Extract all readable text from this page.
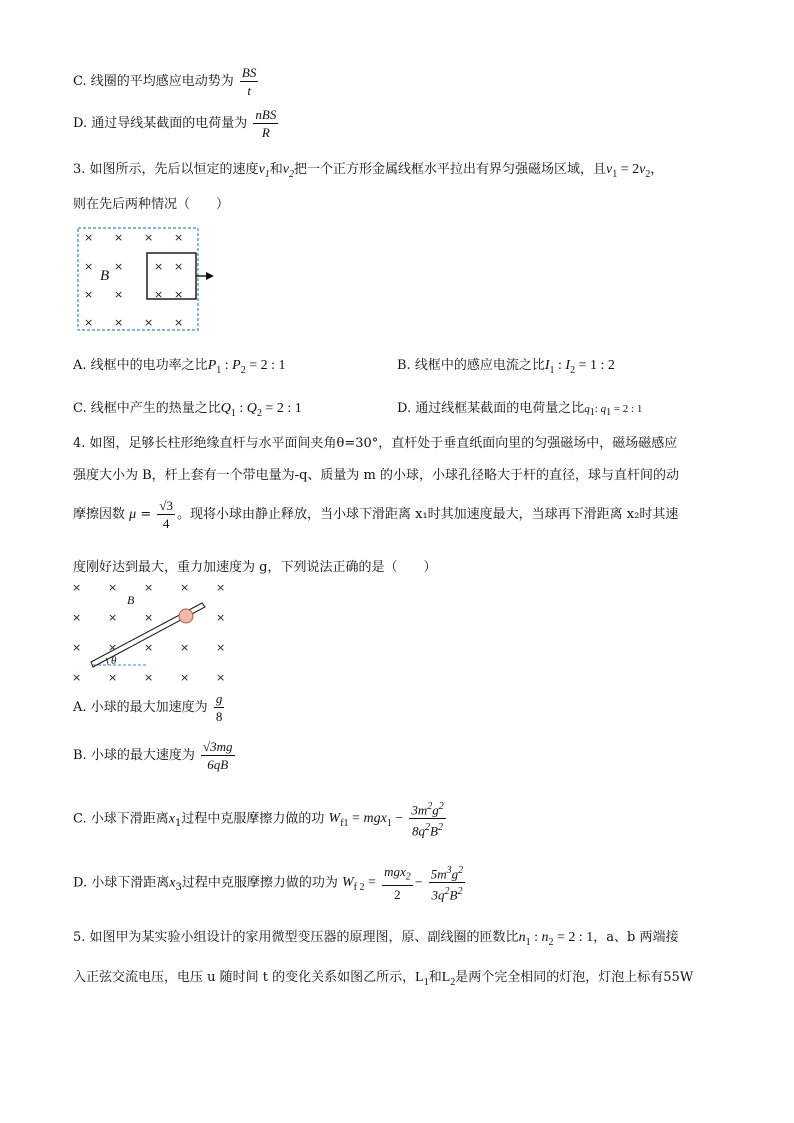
C. 线圈的平均感应电动势为 $\frac{BS}{t}$
D. 通过导线某截面的电荷量为 $\frac{\text{nBS}}{R}$
3. 如图所示，先后以恒定的速度$v_1$和$v_2$把一个正方形金属线框水平拉出有界匀强磁场区域，且$v_1 = 2v_2$，
则在先后两种情况（　　）
× × × ×
× ×	× ×
× ×	× ×
× × × ×
B
A. 线框中的电功率之比$P_1$ : $P_2 = 2$ : 1	B. 线框中的感应电流之比$I_1$ : $I_2 = 1$ : 2
C. 线框中产生的热量之比$Q_1$ : $Q_2 = 2$ : 1	D. 通过线框某截面的电荷量之比$q_1$: $q_1 = 2$ : 1
4. 如图，足够长柱形绝缘直杆与水平面间夹角θ=30°，直杆处于垂直纸面向里的匀强磁场中，磁场磁感应
强度大小为 B，杆上套有一个带电量为-q、质量为 m 的小球，小球孔径略大于杆的直径，球与直杆间的动
摩擦因数 $\mu = \frac{√3}{4}$ 。现将小球由静止释放，当小球下滑距离 x₁时其加速度最大，当球再下滑距离 x₂时其速
度刚好达到最大，重力加速度为 g，下列说法正确的是（　　）
× × × × ×
× × ×	×
× × × × ×
× × × × ×
B
θ
A. 小球的最大加速度为 $\frac{g}{8}$
B. 小球的最大速度为 $\frac{√3mg}{6qB}$
C. 小球下滑距离$x_1$过程中克服摩擦力做的功 $W_{f1} = mgx_1 - \frac{3m^2g^2}{8q^2B^2}$
D. 小球下滑距离$x_3$过程中克服摩擦力做的功为 $W_{f 2} = \frac{mgx_2}{2} - \frac{5m^3g^2}{3q^2B^2}$
5. 如图甲为某实验小组设计的家用微型变压器的原理图，原、副线圈的匝数比$n_1$ : $n_2 = 2$ : 1，a、b 两端接
入正弦交流电压，电压 u 随时间 t 的变化关系如图乙所示，$L_1$和$L_2$是两个完全相同的灯泡，灯泡上标有55W
